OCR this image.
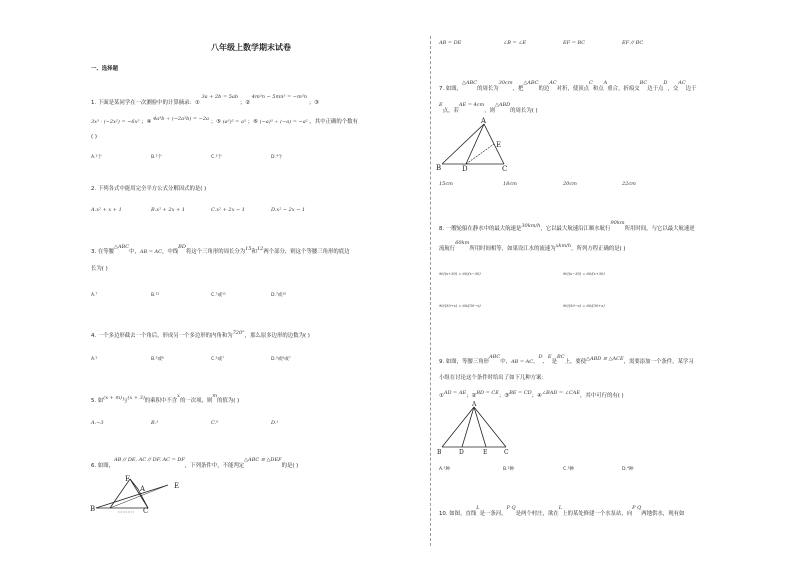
八年级上数学期末试卷
一、选择题
1. 下面是某同学在一次测验中的计算摘录：① 3a + 2b = 5ab ；② 4m³n − 5mn³ = −m³n ；③
3x³ · (−2x²) = −6x⁵ ；④ 4a³b ÷ (−2a²b) = −2a ；⑤ (a³)² = a⁵ ；⑥ (−a)³ ÷ (−a) = −a² ，其中正确的个数有
( )
A.¹个	B.²个	C.³个	D.⁴个
2. 下列各式中能用完全平方公式分解因式的是( )
A.x² + x + 1	B.x² + 2x + 1	C.x² + 2x − 1	D.x² − 2x − 1
3. 在等腰△ABC中，AB = AC，中线BD将这个三角形的周长分为15和12两个部分，则这个等腰三角形的底边
长为( )
A.⁷	B.¹¹	C.⁷或¹¹	D.⁷或¹⁰
4. 一个多边形截去一个角后，形成另一个多边形的内角和为720°，那么原多边形的边数为( )
A.⁵	B.⁵或⁶	C.⁵或⁷	D.⁵或⁶或⁷
5. 如(x + m)与(x + 3)的乘积中不含x的一次项，则m的值为( )
A.−3	B.³	C.⁰	D.¹
6. 如图，AB // DE, AC // DF, AC = DF，下列条件中，不能判定△ABC ≅ △DEF的是( )
F
A	E
B	C
AB = DE	∠B = ∠E	EF = BC	EF // BC
7. 如图，△ABC的周长为30cm，把△ABC的边AC对折，使顶点C和点A重合，折痕交BC边于点D，交AC边于
E点，若AE = 4cm，则△ABD的周长为( )
A
E
B	D	C
15cm	18cm	20cm	22cm
8. 一艘轮船在静水中的最大航速是30km/h，它以最大航速沿江顺水航行90km所用时间，与它以最大航速逆
流航行60km所用时间相等，如果设江水的流速为xkm/h，所列方程正确的是( )
90/(x+30) = 60/(x−30)	90/(x−30) = 60/(x+30)
90/(30+x) = 60/(30−x)	90/(30−x) = 60/(30+x)
9. 如图，等腰三角形ABC中，AB = AC，D、E是BC上，要使△ABD ≅ △ACE，需要添加一个条件，某学习
小组在讨论这个条件时给出了如下几种方案：
①AD = AE；②BD = CE；③BE = CD；④∠BAD = ∠CAE，其中可行的有( )
A
B	D	E	C
A.¹种	B.²种	C.³种	D.⁴种
10. 如图，直线L是一条河，P Q是两个村庄，欲在L上的某处修建一个水泵站，向P Q两地供水，现有如
